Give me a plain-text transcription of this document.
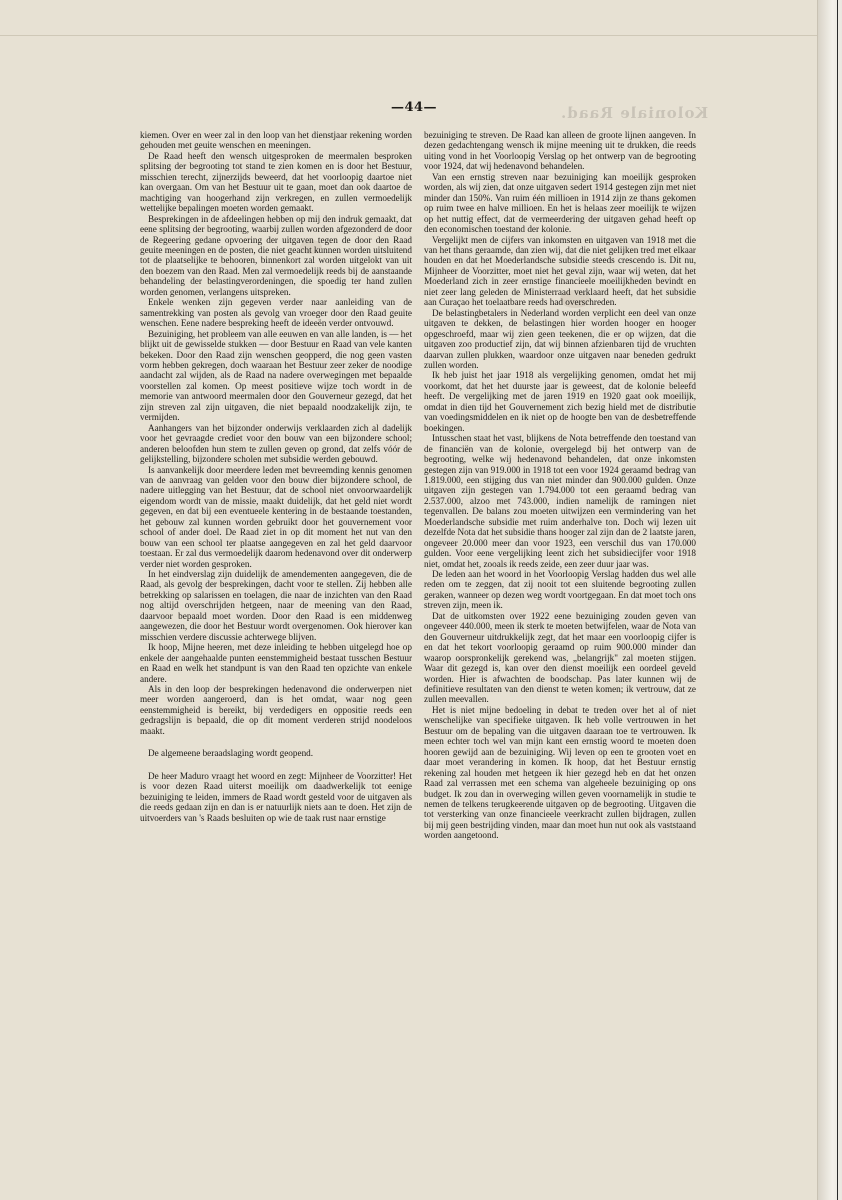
—44—	Koloniale Raad.

kiemen. Over en weer zal in den loop van het dienstjaar rekening worden gehouden met geuite wenschen en meeningen.

De Raad heeft den wensch uitgesproken de meermalen besproken splitsing der begrooting tot stand te zien komen en is door het Bestuur, misschien terecht, zijnerzijds beweerd, dat het voorloopig daartoe niet kan overgaan. Om van het Bestuur uit te gaan, moet dan ook daartoe de machtiging van hoogerhand zijn verkregen, en zullen vermoedelijk wettelijke bepalingen moeten worden gemaakt.

Besprekingen in de afdeelingen hebben op mij den indruk gemaakt, dat eene splitsing der begrooting, waarbij zullen worden afgezonderd de door de Regeering gedane opvoering der uitgaven tegen de door den Raad geuite meeningen en de posten, die niet geacht kunnen worden uitsluitend tot de plaatselijke te behooren, binnenkort zal worden uitgelokt van uit den boezem van den Raad. Men zal vermoedelijk reeds bij de aanstaande behandeling der belastingverordeningen, die spoedig ter hand zullen worden genomen, verlangens uitspreken.

Enkele wenken zijn gegeven verder naar aanleiding van de samentrekking van posten als gevolg van vroeger door den Raad geuite wenschen. Eene nadere bespreking heeft de ideeën verder ontvouwd.

Bezuiniging, het probleem van alle eeuwen en van alle landen, is — het blijkt uit de gewisselde stukken — door Bestuur en Raad van vele kanten bekeken. Door den Raad zijn wenschen geopperd, die nog geen vasten vorm hebben gekregen, doch waaraan het Bestuur zeer zeker de noodige aandacht zal wijden, als de Raad na nadere overwegingen met bepaalde voorstellen zal komen. Op meest positieve wijze toch wordt in de memorie van antwoord meermalen door den Gouverneur gezegd, dat het zijn streven zal zijn uitgaven, die niet bepaald noodzakelijk zijn, te vermijden.

Aanhangers van het bijzonder onderwijs verklaarden zich al dadelijk voor het gevraagde crediet voor den bouw van een bijzondere school; anderen beloofden hun stem te zullen geven op grond, dat zelfs vóór de gelijkstelling, bijzondere scholen met subsidie werden gebouwd.

Is aanvankelijk door meerdere leden met bevreemding kennis genomen van de aanvraag van gelden voor den bouw dier bijzondere school, de nadere uitlegging van het Bestuur, dat de school niet onvoorwaardelijk eigendom wordt van de missie, maakt duidelijk, dat het geld niet wordt gegeven, en dat bij een eventueele kentering in de bestaande toestanden, het gebouw zal kunnen worden gebruikt door het gouvernement voor school of ander doel. De Raad ziet in op dit moment het nut van den bouw van een school ter plaatse aangegeven en zal het geld daarvoor toestaan. Er zal dus vermoedelijk daarom hedenavond over dit onderwerp verder niet worden gesproken.

In het eindverslag zijn duidelijk de amendementen aangegeven, die de Raad, als gevolg der besprekingen, dacht voor te stellen. Zij hebben alle betrekking op salarissen en toelagen, die naar de inzichten van den Raad nog altijd overschrijden hetgeen, naar de meening van den Raad, daarvoor bepaald moet worden. Door den Raad is een middenweg aangewezen, die door het Bestuur wordt overgenomen. Ook hierover kan misschien verdere discussie achterwege blijven.

Ik hoop, Mijne heeren, met deze inleiding te hebben uitgelegd hoe op enkele der aangehaalde punten eenstemmigheid bestaat tusschen Bestuur en Raad en welk het standpunt is van den Raad ten opzichte van enkele andere.

Als in den loop der besprekingen hedenavond die onderwerpen niet meer worden aangeroerd, dan is het omdat, waar nog geen eenstemmigheid is bereikt, bij verdedigers en oppositie reeds een gedragslijn is bepaald, die op dit moment verderen strijd noodeloos maakt.

De algemeene beraadslaging wordt geopend.

De heer Maduro vraagt het woord en zegt: Mijnheer de Voorzitter! Het is voor dezen Raad uiterst moeilijk om daadwerkelijk tot eenige bezuiniging te leiden, immers de Raad wordt gesteld voor de uitgaven als die reeds gedaan zijn en dan is er natuurlijk niets aan te doen. Het zijn de uitvoerders van 's Raads besluiten op wie de taak rust naar ernstige

bezuiniging te streven. De Raad kan alleen de groote lijnen aangeven. In dezen gedachtengang wensch ik mijne meening uit te drukken, die reeds uiting vond in het Voorloopig Verslag op het ontwerp van de begrooting voor 1924, dat wij hedenavond behandelen.

Van een ernstig streven naar bezuiniging kan moeilijk gesproken worden, als wij zien, dat onze uitgaven sedert 1914 gestegen zijn met niet minder dan 150%. Van ruim één millioen in 1914 zijn ze thans gekomen op ruim twee en halve millioen. En het is helaas zeer moeilijk te wijzen op het nuttig effect, dat de vermeerdering der uitgaven gehad heeft op den economischen toestand der kolonie.

Vergelijkt men de cijfers van inkomsten en uitgaven van 1918 met die van het thans geraamde, dan zien wij, dat die niet gelijken tred met elkaar houden en dat het Moederlandsche subsidie steeds crescendo is. Dit nu, Mijnheer de Voorzitter, moet niet het geval zijn, waar wij weten, dat het Moederland zich in zeer ernstige financieele moeilijkheden bevindt en niet zeer lang geleden de Ministerraad verklaard heeft, dat het subsidie aan Curaçao het toelaatbare reeds had overschreden.

De belastingbetalers in Nederland worden verplicht een deel van onze uitgaven te dekken, de belastingen hier worden hooger en hooger opgeschroefd, maar wij zien geen teekenen, die er op wijzen, dat die uitgaven zoo productief zijn, dat wij binnen afzienbaren tijd de vruchten daarvan zullen plukken, waardoor onze uitgaven naar beneden gedrukt zullen worden.

Ik heb juist het jaar 1918 als vergelijking genomen, omdat het mij voorkomt, dat het het duurste jaar is geweest, dat de kolonie beleefd heeft. De vergelijking met de jaren 1919 en 1920 gaat ook moeilijk, omdat in dien tijd het Gouvernement zich bezig hield met de distributie van voedingsmiddelen en ik niet op de hoogte ben van de desbetreffende boekingen.

Intusschen staat het vast, blijkens de Nota betreffende den toestand van de financiën van de kolonie, overgelegd bij het ontwerp van de begrooting, welke wij hedenavond behandelen, dat onze inkomsten gestegen zijn van 919.000 in 1918 tot een voor 1924 geraamd bedrag van 1.819.000, een stijging dus van niet minder dan 900.000 gulden. Onze uitgaven zijn gestegen van 1.794.000 tot een geraamd bedrag van 2.537.000, alzoo met 743.000, indien namelijk de ramingen niet tegenvallen. De balans zou moeten uitwijzen een vermindering van het Moederlandsche subsidie met ruim anderhalve ton. Doch wij lezen uit dezelfde Nota dat het subsidie thans hooger zal zijn dan de 2 laatste jaren, ongeveer 20.000 meer dan voor 1923, een verschil dus van 170.000 gulden. Voor eene vergelijking leent zich het subsidiecijfer voor 1918 niet, omdat het, zooals ik reeds zeide, een zeer duur jaar was.

De leden aan het woord in het Voorloopig Verslag hadden dus wel alle reden om te zeggen, dat zij nooit tot een sluitende begrooting zullen geraken, wanneer op dezen weg wordt voortgegaan. En dat moet toch ons streven zijn, meen ik.

Dat de uitkomsten over 1922 eene bezuiniging zouden geven van ongeveer 440.000, meen ik sterk te moeten betwijfelen, waar de Nota van den Gouverneur uitdrukkelijk zegt, dat het maar een voorloopig cijfer is en dat het tekort voorloopig geraamd op ruim 900.000 minder dan waarop oorspronkelijk gerekend was, „belangrijk" zal moeten stijgen. Waar dit gezegd is, kan over den dienst moeilijk een oordeel geveld worden. Hier is afwachten de boodschap. Pas later kunnen wij de definitieve resultaten van den dienst te weten komen; ik vertrouw, dat ze zullen meevallen.

Het is niet mijne bedoeling in debat te treden over het al of niet wenschelijke van specifieke uitgaven. Ik heb volle vertrouwen in het Bestuur om de bepaling van die uitgaven daaraan toe te vertrouwen. Ik meen echter toch wel van mijn kant een ernstig woord te moeten doen hooren gewijd aan de bezuiniging. Wij leven op een te grooten voet en daar moet verandering in komen. Ik hoop, dat het Bestuur ernstig rekening zal houden met hetgeen ik hier gezegd heb en dat het onzen Raad zal verrassen met een schema van algeheele bezuiniging op ons budget. Ik zou dan in overweging willen geven voornamelijk in studie te nemen de telkens terugkeerende uitgaven op de begrooting. Uitgaven die tot versterking van onze financieele veerkracht zullen bijdragen, zullen bij mij geen bestrijding vinden, maar dan moet hun nut ook als vaststaand worden aangetoond.
